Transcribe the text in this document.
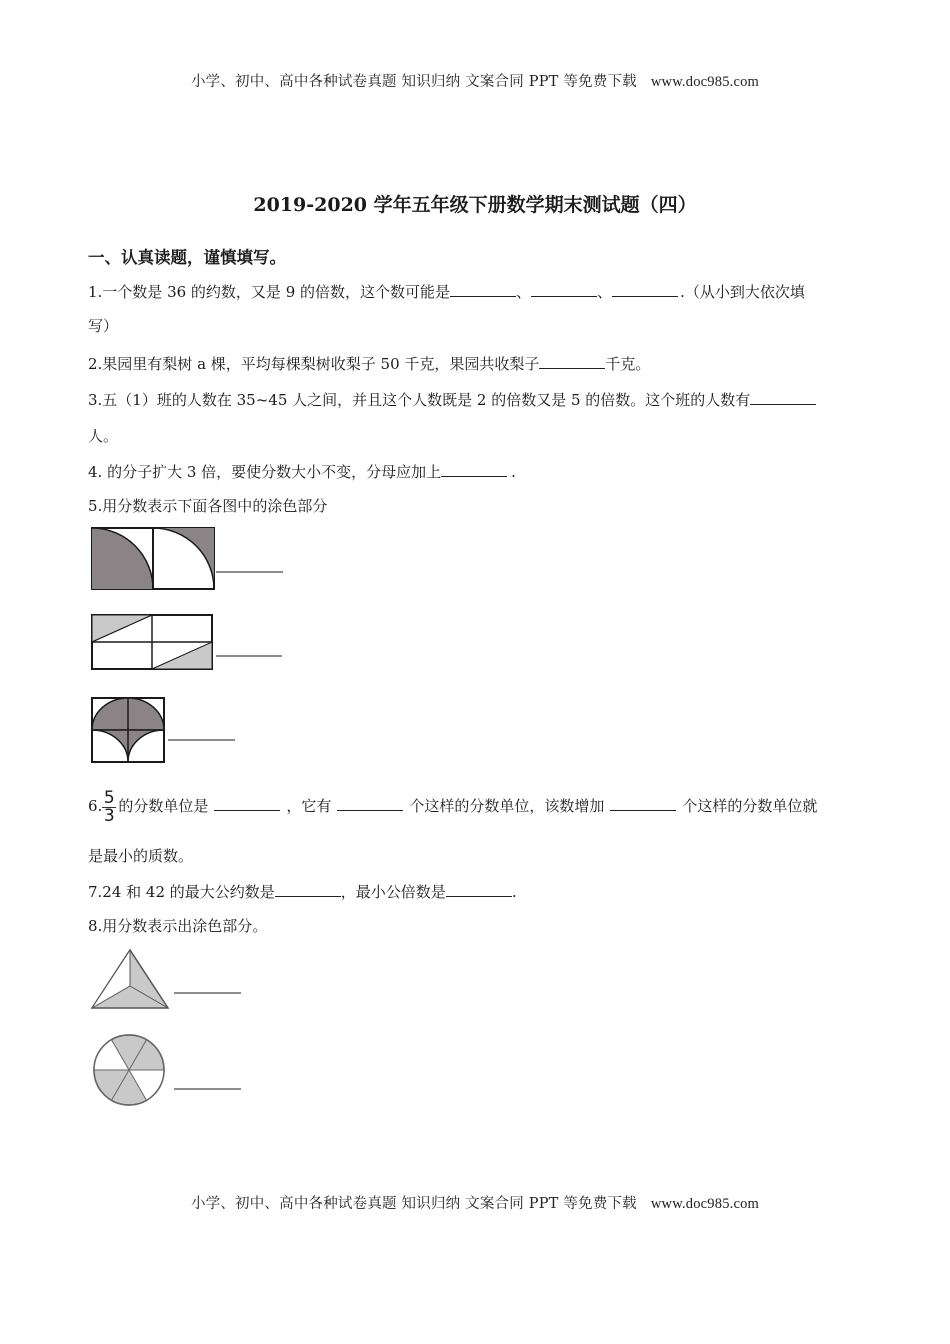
小学、初中、高中各种试卷真题 知识归纳 文案合同 PPT 等免费下载 www.doc985.com
2019-2020 学年五年级下册数学期末测试题（四）
一、认真读题，谨慎填写。
1.一个数是 36 的约数，又是 9 的倍数，这个数可能是	、	、	.（从小到大依次填
写）
2.果园里有梨树 a 棵，平均每棵梨树收梨子 50 千克，果园共收梨子	千克。
3.五（1）班的人数在 35~45 人之间，并且这个人数既是 2 的倍数又是 5 的倍数。这个班的人数有
人。
4. 的分子扩大 3 倍，要使分数大小不变，分母应加上	.
5.用分数表示下面各图中的涂色部分
6. $\frac{5}{3}$ 的分数单位是	，它有	个这样的分数单位，该数增加	个这样的分数单位就
是最小的质数。
7.24 和 42 的最大公约数是	，最小公倍数是	.
8.用分数表示出涂色部分。
小学、初中、高中各种试卷真题 知识归纳 文案合同 PPT 等免费下载 www.doc985.com
